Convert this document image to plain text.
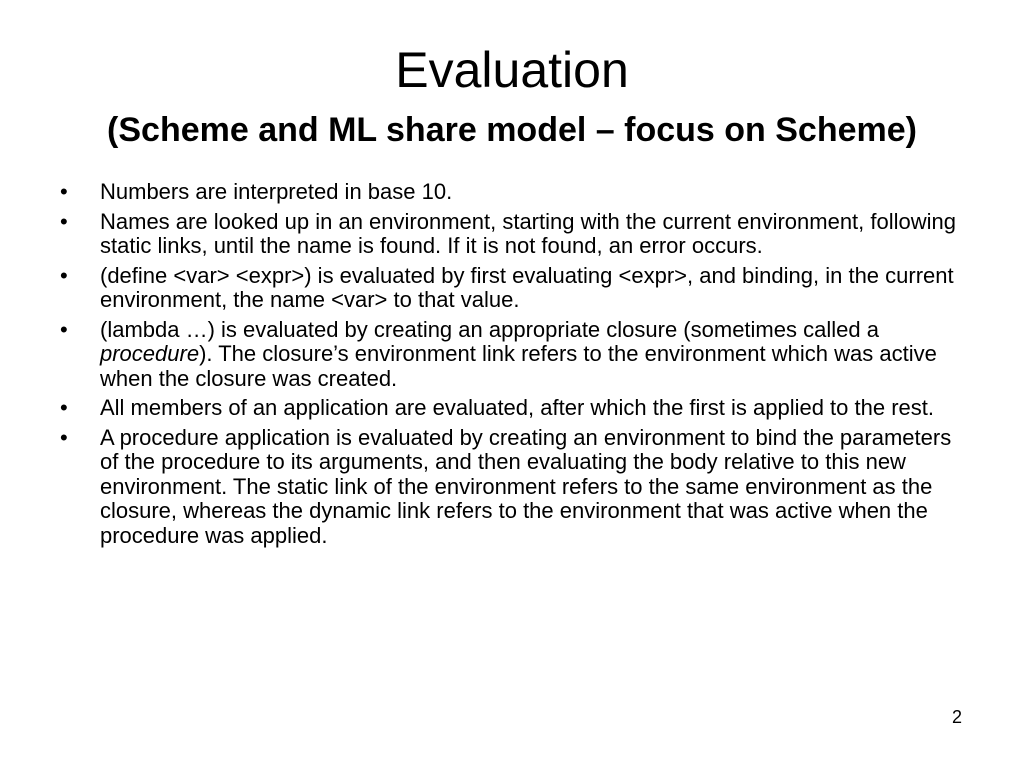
Evaluation
(Scheme and ML share model – focus on Scheme)
•	Numbers are interpreted in base 10.
•	Names are looked up in an environment, starting with the current environment, following static links, until the name is found. If it is not found, an error occurs.
•	(define <var> <expr>) is evaluated by first evaluating <expr>, and binding, in the current environment, the name <var> to that value.
•	(lambda …) is evaluated by creating an appropriate closure (sometimes called a procedure). The closure’s environment link refers to the environment which was active when the closure was created.
•	All members of an application are evaluated, after which the first is applied to the rest.
•	A procedure application is evaluated by creating an environment to bind the parameters of the procedure to its arguments, and then evaluating the body relative to this new environment. The static link of the environment refers to the same environment as the closure, whereas the dynamic link refers to the environment that was active when the procedure was applied.
2
